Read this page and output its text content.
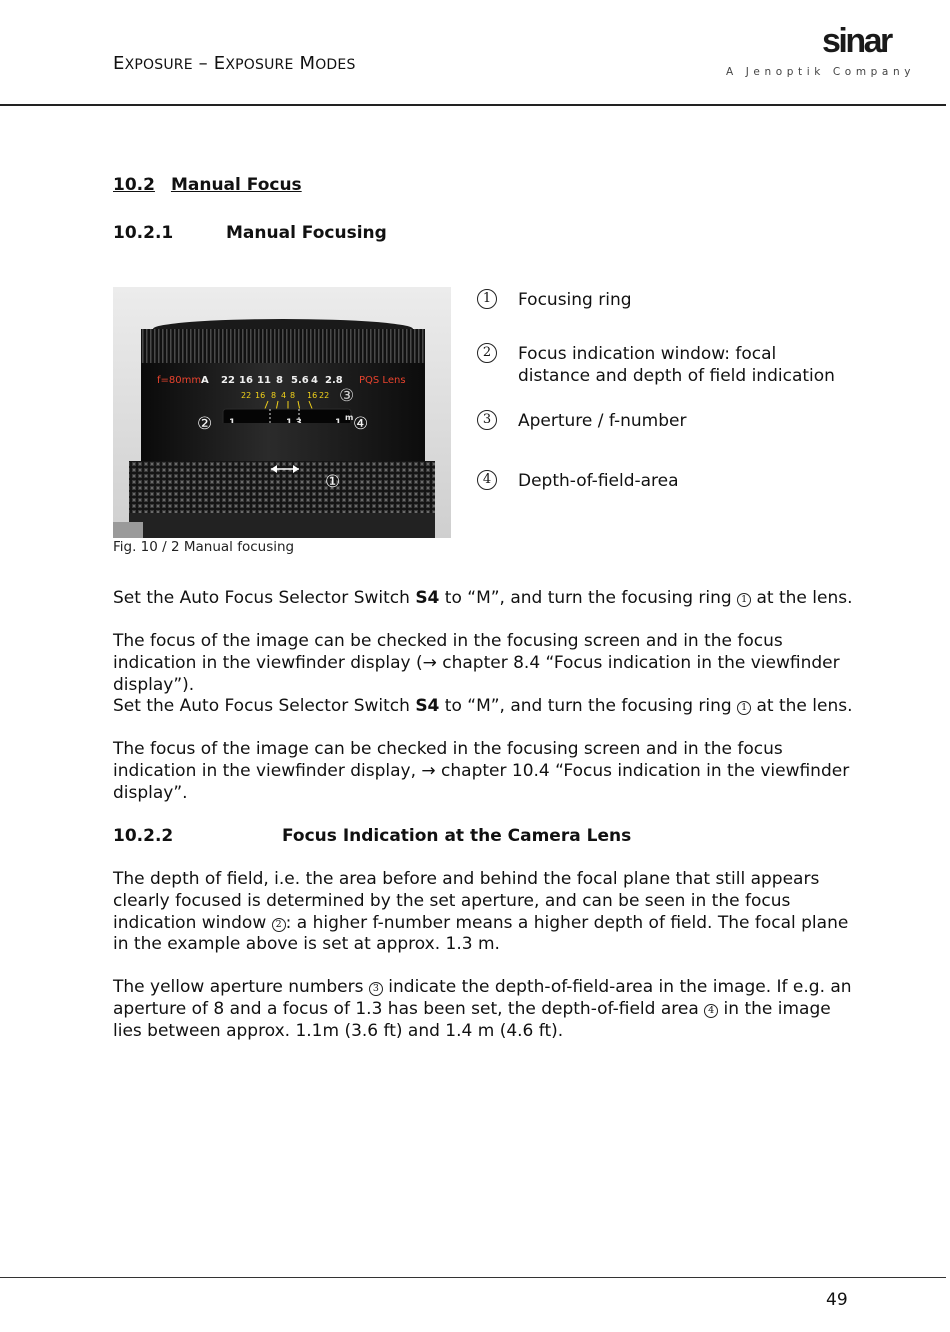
EXPOSURE – EXPOSURE MODES
sinar
A Jenoptik Company
10.2 Manual Focus
10.2.1	Manual Focusing
f=80mm A 22 16 11 8 5.6 4 2.8 PQS Lens
22 16 8 4 8 16 22
m
②
③
④
①
Fig. 10 / 2 Manual focusing
1	Focusing ring
2	Focus indication window: focal distance and depth of field indication
3	Aperture / f-number
4	Depth-of-field-area
Set the Auto Focus Selector Switch S4 to “M”, and turn the focusing ring 1 at the lens.
The focus of the image can be checked in the focusing screen and in the focus indication in the viewfinder display (→ chapter 8.4 “Focus indication in the viewfinder display”).
Set the Auto Focus Selector Switch S4 to “M”, and turn the focusing ring 1 at the lens.
The focus of the image can be checked in the focusing screen and in the focus indication in the viewfinder display, → chapter 10.4 “Focus indication in the viewfinder display”.
10.2.2	Focus Indication at the Camera Lens
The depth of field, i.e. the area before and behind the focal plane that still appears clearly focused is determined by the set aperture, and can be seen in the focus indication window 2 : a higher f-number means a higher depth of field. The focal plane in the example above is set at approx. 1.3 m.
The yellow aperture numbers 3 indicate the depth-of-field-area in the image. If e.g. an aperture of 8 and a focus of 1.3 has been set, the depth-of-field area 4 in the image lies between approx. 1.1m (3.6 ft) and 1.4 m (4.6 ft).
49
